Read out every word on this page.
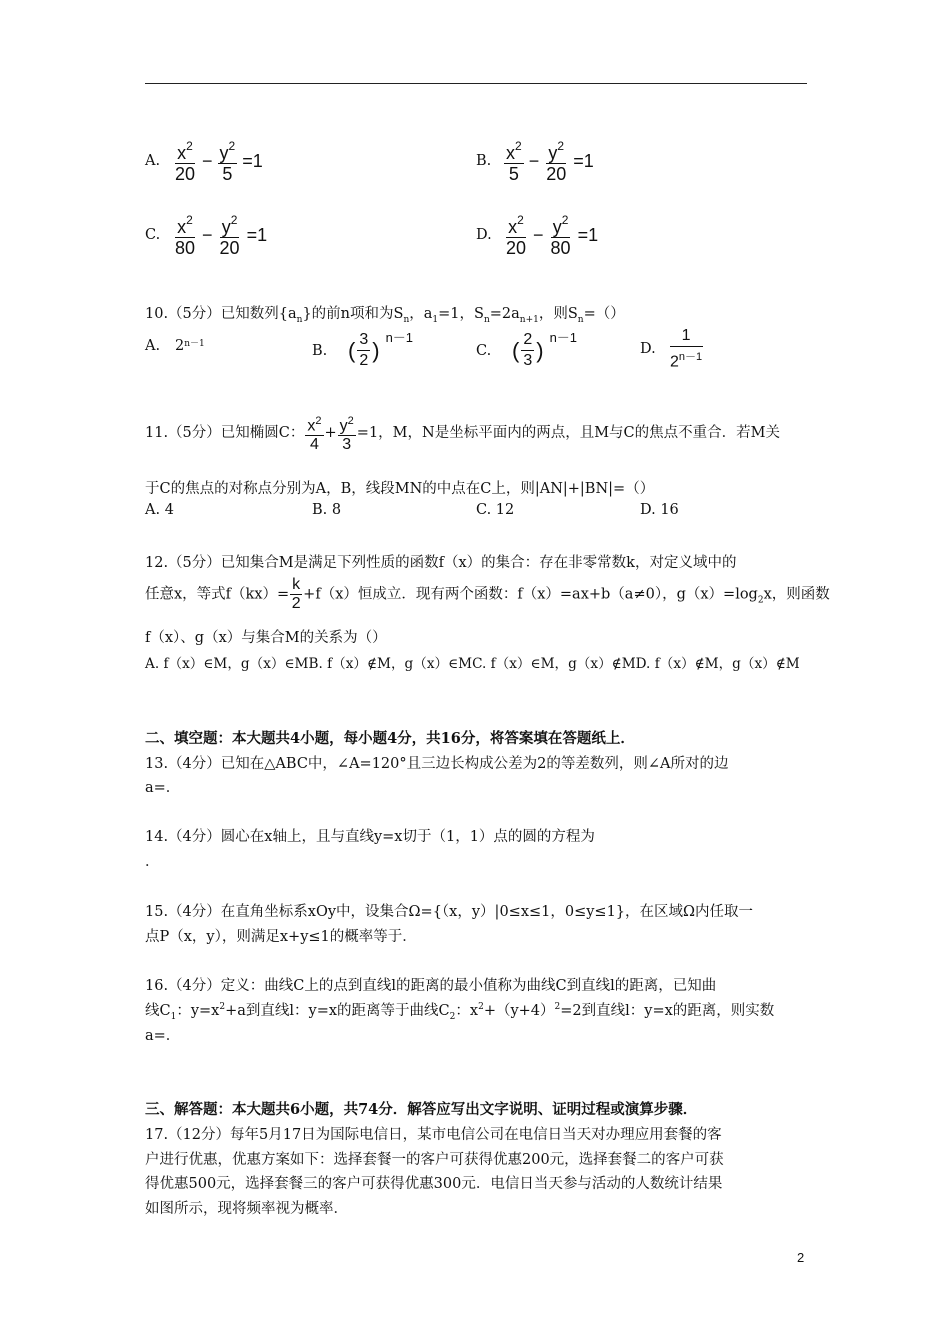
A. $\frac{x^2}{20} - \frac{y^2}{5} =1$	B. $\frac{x^2}{5} - \frac{y^2}{20} =1$
C. $\frac{x^2}{80} - \frac{y^2}{20} =1$	D. $\frac{x^2}{20} - \frac{y^2}{80} =1$
10.（5分）已知数列$\{a_n\}$的前n项和为$S_n$，$a_1=1$，$S_n=2a_{n+1}$，则$S_n=()$
A.	$2^{n-1}$	B. ( $\frac{3}{2}$ ) n－1
C. ( $\frac{2}{3}$ ) n－1
D. $\frac{1}{2^{n-1}}$
11.（5分）已知椭圆C： $\frac{x^2}{4} + \frac{y^2}{3} =1$，M，N是坐标平面内的两点，且M与C的焦点不重合．若M关
于C的焦点的对称点分别为A，B，线段MN的中点在C上，则|AN|+|BN|=（）
A. 4	B. 8	C. 12	D. 16
12.（5分）已知集合M是满足下列性质的函数f（x）的集合：存在非零常数k，对定义域中的
任意x，等式$f(kx)= \frac{k}{2} +f(x)$恒成立．现有两个函数：f（x）=ax+b（a≠0），$g(x)=\log_2x$，则函数
f（x）、g（x）与集合M的关系为（）
A. f（x）∈M，g（x）∈MB. f（x）∉M，g（x）∈MC. f（x）∈M，g（x）∉MD. f（x）∉M，g（x）∉M
二、填空题：本大题共4小题，每小题4分，共16分，将答案填在答题纸上．
13.（4分）已知在△ABC中，∠A=120°且三边长构成公差为2的等差数列，则∠A所对的边
a=．
14.（4分）圆心在x轴上，且与直线y=x切于（1，1）点的圆的方程为
．
15.（4分）在直角坐标系xOy中，设集合Ω={（x，y）|0≤x≤1，0≤y≤1}，在区域Ω内任取一
点P（x，y），则满足x+y≤1的概率等于．
16.（4分）定义：曲线C上的点到直线l的距离的最小值称为曲线C到直线l的距离，已知曲
线$C_1$：$y=x^2+a$到直线l：y=x的距离等于曲线$C_2$：$x^2+(y+4)^2=2$到直线l：y=x的距离，则实数
a=．
三、解答题：本大题共6小题，共74分．解答应写出文字说明、证明过程或演算步骤．
17.（12分）每年5月17日为国际电信日，某市电信公司在电信日当天对办理应用套餐的客
户进行优惠，优惠方案如下：选择套餐一的客户可获得优惠200元，选择套餐二的客户可获
得优惠500元，选择套餐三的客户可获得优惠300元．电信日当天参与活动的人数统计结果
如图所示，现将频率视为概率．
2
